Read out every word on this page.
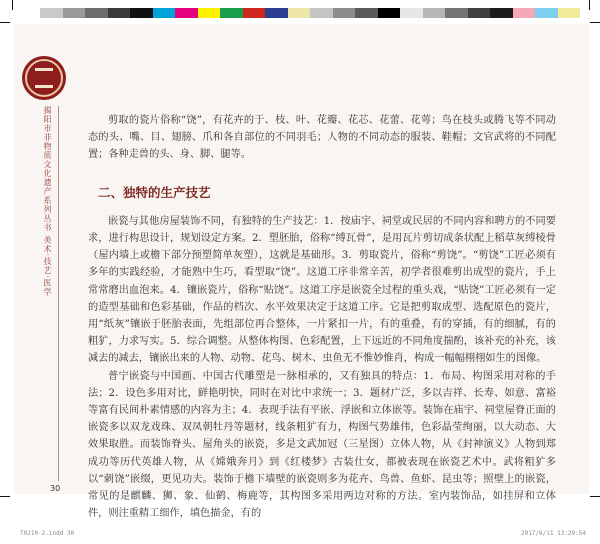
揭阳市非物质文化遗产系列丛书 美术·技艺·医学

剪取的瓷片俗称“饶”，有花卉的于、枝、叶、花瓣、花芯、花蕾、花萼；鸟在枝头或腾飞等不同动态的头、嘴、目、翅膀、爪和各自部位的不同羽毛；人物的不同动态的服装、鞋帽；文官武将的不同配置；各种走兽的头、身、脚、腿等。

二、独特的生产技艺

嵌瓷与其他房屋装饰不同，有独特的生产技艺：1．按庙宇、祠堂或民居的不同内容和聘方的不同要求，进行构思设计，规划设定方案。2．塑胚胎，俗称“缚瓦骨”，是用瓦片剪切成条状配上稻草灰缚棱骨（屋内墙上或檐下部分预塑简单灰塑），这就是基础形。3．剪取瓷片，俗称“剪饶”。“剪饶”工匠必须有多年的实践经验，才能熟中生巧，看型取“饶”。这道工序非常辛苦，初学者很难剪出成型的瓷片，手上常常磨出血泡来。4．镶嵌瓷片，俗称“贴饶”。这道工序是嵌瓷全过程的重头戏，“贴饶”工匠必须有一定的造型基础和色彩基础，作品的档次、水平效果决定于这道工序。它是把剪取成型、选配原色的瓷片，用“纸灰”镶嵌于胚胎表面，先组部位再合整体，一片紧扣一片，有的重叠，有的穿插，有的细腻，有的粗犷，力求写实。5．综合调整。从整体构图、色彩配置，上下远近的不同角度揣酌，该补充的补充，该减去的减去，镶嵌出来的人物、动物、花鸟、树木、虫鱼无不惟妙惟肖，构成一幅幅栩栩如生的图像。

普宁嵌瓷与中国画、中国古代雕塑是一脉相承的，又有独具的特点：1．布局、构图采用对称的手法；2．设色多用对比，鲜艳明快，同时在对比中求统一；3．题材广泛，多以吉祥、长寿、如意、富裕等富有民间朴素情感的内容为主；4．表现手法有平嵌、浮嵌和立体嵌等。装饰在庙宇、祠堂屋脊正面的嵌瓷多以双龙戏珠、双凤朝牡丹等题材，线条粗犷有力，构图气势雄伟，色彩晶莹绚丽，以大动态、大效果取胜。而装饰脊头、屋角头的嵌瓷，多是文武加冠（三星图）立体人物，从《封神演义》人物到郑成功等历代英雄人物，从《嫦娥奔月》到《红楼梦》古装仕女，都被表现在嵌瓷艺术中。武将粗犷多以“刺饶”嵌缀，更见功夫。装饰于檐下墙壁的嵌瓷则多为花卉、鸟兽、鱼虾、昆虫等；照壁上的嵌瓷，常见的是麒麟、狮、象、仙鹤、梅鹿等，其构图多采用两边对称的方法。室内装饰品，如挂屏和立体件，则注重精工细作，填色描金，有的

30
T0210-2.indd 30	2017/6/11 13:29:54
